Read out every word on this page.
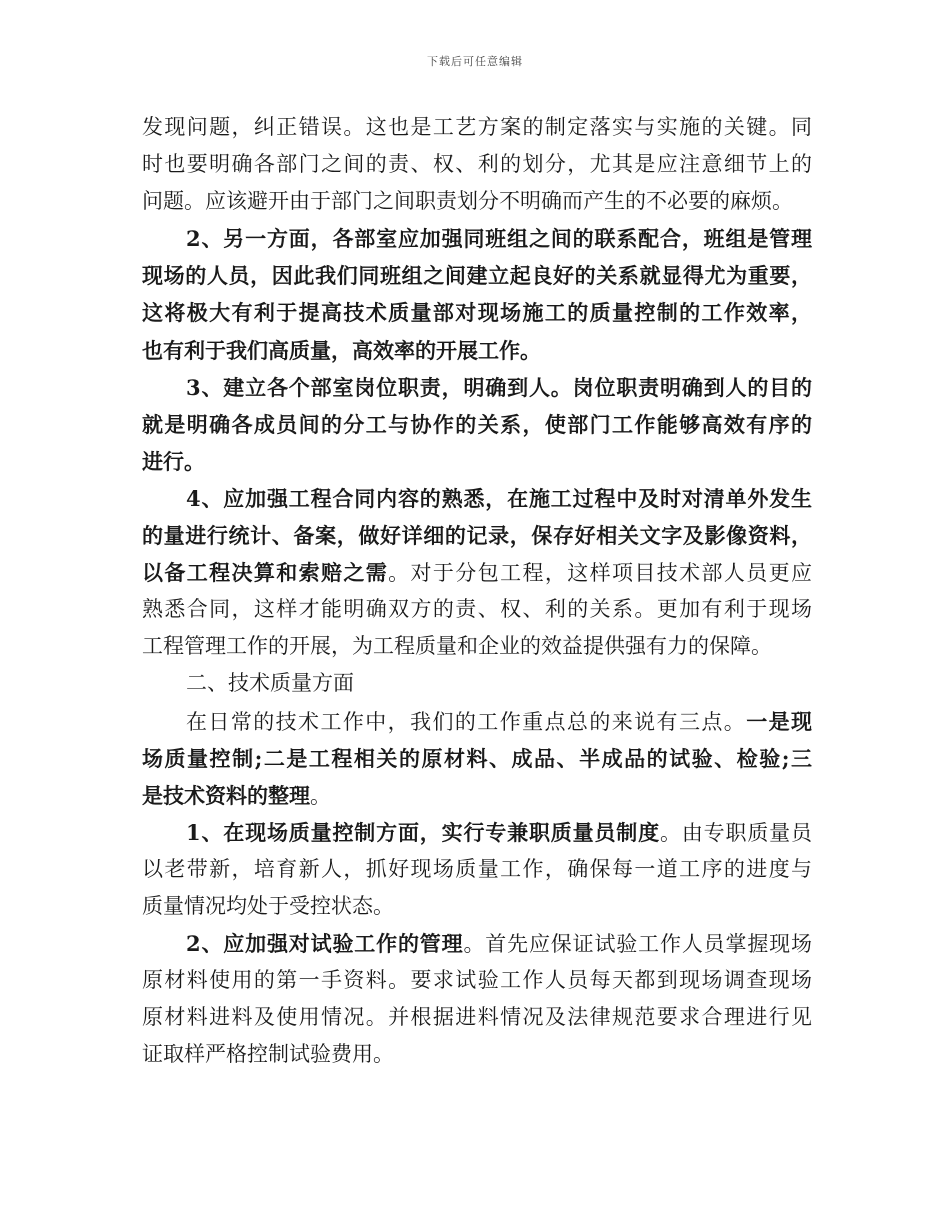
下载后可任意编辑
发现问题，纠正错误。这也是工艺方案的制定落实与实施的关键。同
时也要明确各部门之间的责、权、利的划分，尤其是应注意细节上的
问题。应该避开由于部门之间职责划分不明确而产生的不必要的麻烦。
2、另一方面，各部室应加强同班组之间的联系配合，班组是管理
现场的人员，因此我们同班组之间建立起良好的关系就显得尤为重要，
这将极大有利于提高技术质量部对现场施工的质量控制的工作效率，
也有利于我们高质量，高效率的开展工作。
3、建立各个部室岗位职责，明确到人。岗位职责明确到人的目的
就是明确各成员间的分工与协作的关系，使部门工作能够高效有序的
进行。
4、应加强工程合同内容的熟悉，在施工过程中及时对清单外发生
的量进行统计、备案，做好详细的记录，保存好相关文字及影像资料，
以备工程决算和索赔之需。对于分包工程，这样项目技术部人员更应
熟悉合同，这样才能明确双方的责、权、利的关系。更加有利于现场
工程管理工作的开展，为工程质量和企业的效益提供强有力的保障。
二、技术质量方面
在日常的技术工作中，我们的工作重点总的来说有三点。一是现
场质量控制;二是工程相关的原材料、成品、半成品的试验、检验;三
是技术资料的整理。
1、在现场质量控制方面，实行专兼职质量员制度。由专职质量员
以老带新，培育新人，抓好现场质量工作，确保每一道工序的进度与
质量情况均处于受控状态。
2、应加强对试验工作的管理。首先应保证试验工作人员掌握现场
原材料使用的第一手资料。要求试验工作人员每天都到现场调查现场
原材料进料及使用情况。并根据进料情况及法律规范要求合理进行见
证取样严格控制试验费用。
